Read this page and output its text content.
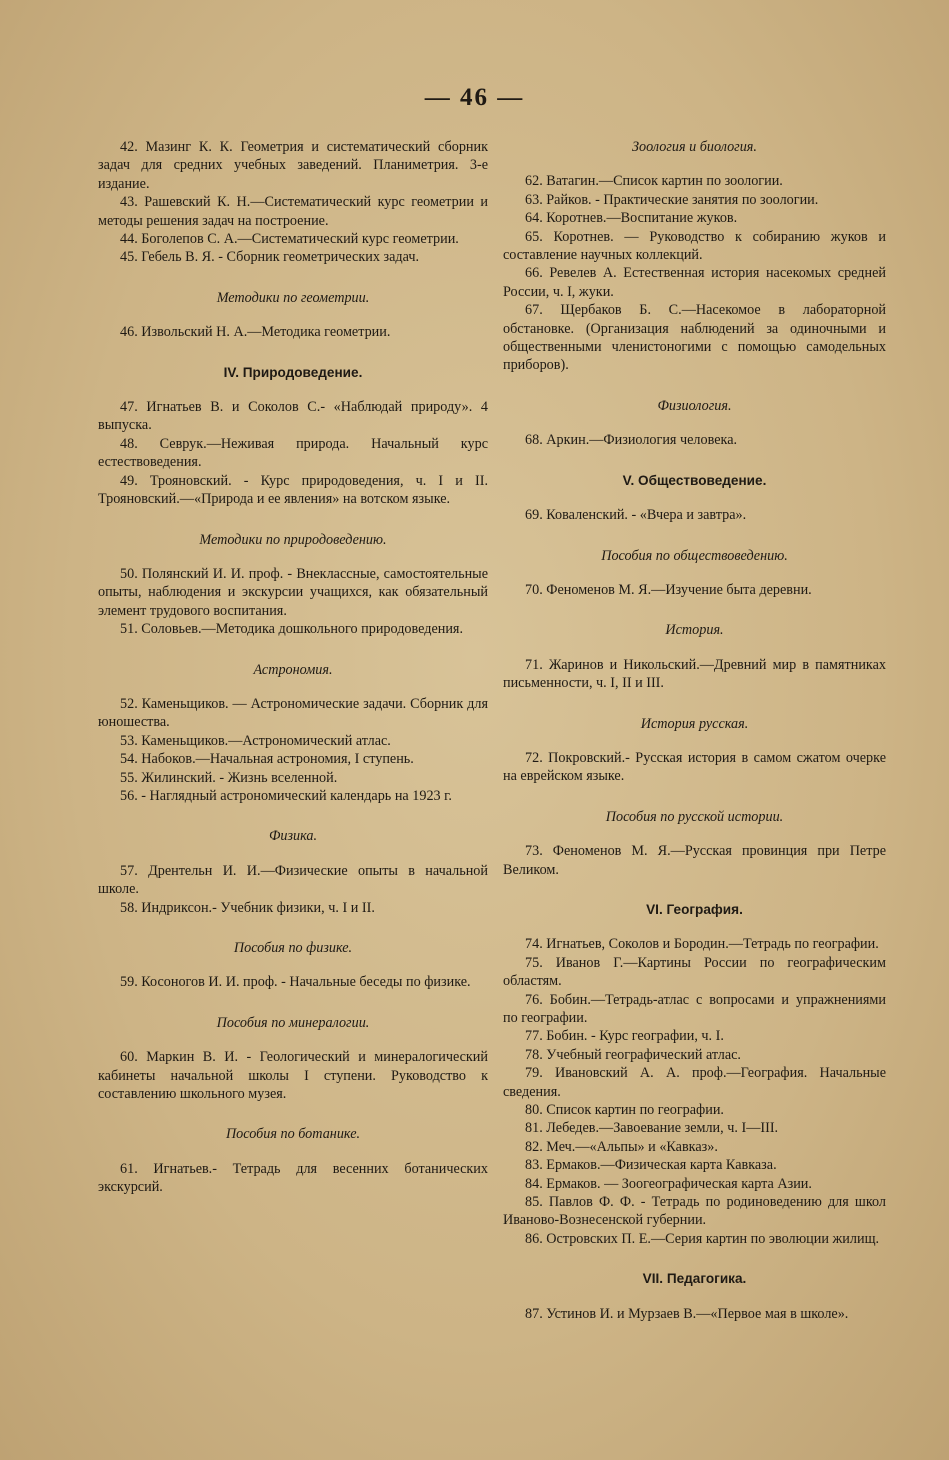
— 46 —

42. Мазинг К. К. Геометрия и систематический сборник задач для средних учебных заведений. Планиметрия. 3-е издание.

43. Рашевский К. Н.—Систематический курс геометрии и методы решения задач на построение.

44. Боголепов С. А.—Систематический курс геометрии.

45. Гебель В. Я. - Сборник геометрических задач.

Методики по геометрии.

46. Извольский Н. А.—Методика геометрии.

IV. Природоведение.

47. Игнатьев В. и Соколов С.- «Наблюдай природу». 4 выпуска.

48. Севрук.—Неживая природа. Начальный курс естествоведения.

49. Трояновский. - Курс природоведения, ч. I и II. Трояновский.—«Природа и ее явления» на вотском языке.

Методики по природоведению.

50. Полянский И. И. проф. - Внеклассные, самостоятельные опыты, наблюдения и экскурсии учащихся, как обязательный элемент трудового воспитания.

51. Соловьев.—Методика дошкольного природоведения.

Астрономия.

52. Каменьщиков. — Астрономические задачи. Сборник для юношества.

53. Каменьщиков.—Астрономический атлас.

54. Набоков.—Начальная астрономия, I ступень.

55. Жилинский. - Жизнь вселенной.

56. - Наглядный астрономический календарь на 1923 г.

Физика.

57. Дрентельн И. И.—Физические опыты в начальной школе.

58. Индриксон.- Учебник физики, ч. I и II.

Пособия по физике.

59. Косоногов И. И. проф. - Начальные беседы по физике.

Пособия по минералогии.

60. Маркин В. И. - Геологический и минералогический кабинеты начальной школы I ступени. Руководство к составлению школьного музея.

Пособия по ботанике.

61. Игнатьев.- Тетрадь для весенних ботанических экскурсий.

Зоология и биология.

62. Ватагин.—Список картин по зоологии.

63. Райков. - Практические занятия по зоологии.

64. Коротнев.—Воспитание жуков.

65. Коротнев. — Руководство к собиранию жуков и составление научных коллекций.

66. Ревелев А. Естественная история насекомых средней России, ч. I, жуки.

67. Щербаков Б. С.—Насекомое в лабораторной обстановке. (Организация наблюдений за одиночными и общественными членистоногими с помощью самодельных приборов).

Физиология.

68. Аркин.—Физиология человека.

V. Обществоведение.

69. Коваленский. - «Вчера и завтра».

Пособия по обществоведению.

70. Феноменов М. Я.—Изучение быта деревни.

История.

71. Жаринов и Никольский.—Древний мир в памятниках письменности, ч. I, II и III.

История русская.

72. Покровский.- Русская история в самом сжатом очерке на еврейском языке.

Пособия по русской истории.

73. Феноменов М. Я.—Русская провинция при Петре Великом.

VI. География.

74. Игнатьев, Соколов и Бородин.—Тетрадь по географии.

75. Иванов Г.—Картины России по географическим областям.

76. Бобин.—Тетрадь-атлас с вопросами и упражнениями по географии.

77. Бобин. - Курс географии, ч. I.

78. Учебный географический атлас.

79. Ивановский А. А. проф.—География. Начальные сведения.

80. Список картин по географии.

81. Лебедев.—Завоевание земли, ч. I—III.

82. Меч.—«Альпы» и «Кавказ».

83. Ермаков.—Физическая карта Кавказа.

84. Ермаков. — Зоогеографическая карта Азии.

85. Павлов Ф. Ф. - Тетрадь по родиноведению для школ Иваново-Вознесенской губернии.

86. Островских П. Е.—Серия картин по эволюции жилищ.

VII. Педагогика.

87. Устинов И. и Мурзаев В.—«Первое мая в школе».
